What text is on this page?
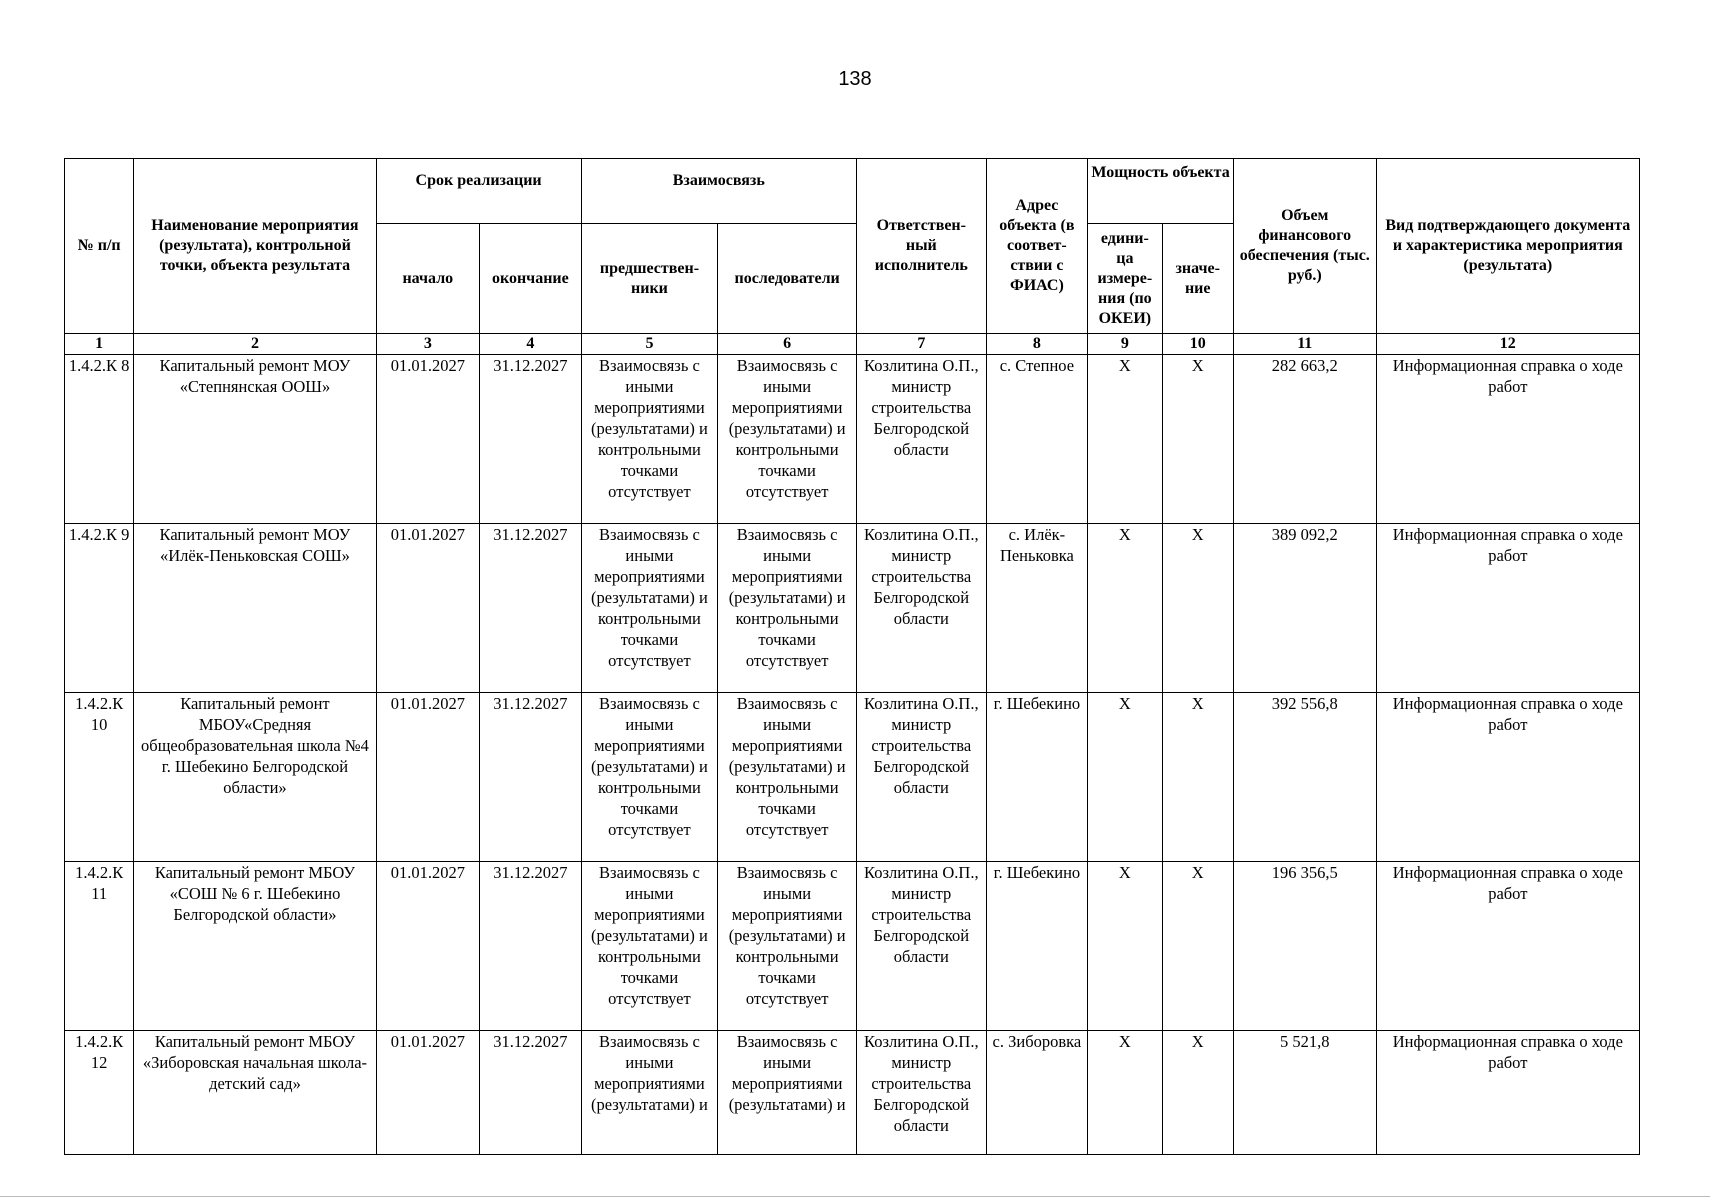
138
№ п/п	Наименование мероприятия (результата), контрольной точки, объекта результата	Срок реализации		Взаимосвязь		Ответствен- ный исполнитель	Адрес объекта (в соответ- ствии с ФИАС)	Мощность объекта		Объем финансового обеспечения (тыс. руб.)	Вид подтверждающего документа и характеристика мероприятия (результата)
		начало	окончание	предшествен- ники	последователи			едини- ца измере- ния (по ОКЕИ)	значе- ние		
1	2	3	4	5	6	7	8	9	10	11	12
1.4.2.К 8	Капитальный ремонт МОУ «Степнянская ООШ»	01.01.2027	31.12.2027	Взаимосвязь с иными мероприятиями (результатами) и контрольными точками отсутствует	Взаимосвязь с иными мероприятиями (результатами) и контрольными точками отсутствует	Козлитина О.П., министр строительства Белгородской области	с. Степное	X	X	282 663,2	Информационная справка о ходе работ
1.4.2.К 9	Капитальный ремонт МОУ «Илёк-Пеньковская СОШ»	01.01.2027	31.12.2027	Взаимосвязь с иными мероприятиями (результатами) и контрольными точками отсутствует	Взаимосвязь с иными мероприятиями (результатами) и контрольными точками отсутствует	Козлитина О.П., министр строительства Белгородской области	с. Илёк-Пеньковка	X	X	389 092,2	Информационная справка о ходе работ
1.4.2.К 10	Капитальный ремонт МБОУ«Средняя общеобразовательная школа №4 г. Шебекино Белгородской области»	01.01.2027	31.12.2027	Взаимосвязь с иными мероприятиями (результатами) и контрольными точками отсутствует	Взаимосвязь с иными мероприятиями (результатами) и контрольными точками отсутствует	Козлитина О.П., министр строительства Белгородской области	г. Шебекино	X	X	392 556,8	Информационная справка о ходе работ
1.4.2.К 11	Капитальный ремонт МБОУ «СОШ № 6 г. Шебекино Белгородской области»	01.01.2027	31.12.2027	Взаимосвязь с иными мероприятиями (результатами) и контрольными точками отсутствует	Взаимосвязь с иными мероприятиями (результатами) и контрольными точками отсутствует	Козлитина О.П., министр строительства Белгородской области	г. Шебекино	X	X	196 356,5	Информационная справка о ходе работ
1.4.2.К 12	Капитальный ремонт МБОУ «Зиборовская начальная школа-детский сад»	01.01.2027	31.12.2027	Взаимосвязь с иными мероприятиями (результатами) и	Взаимосвязь с иными мероприятиями (результатами) и	Козлитина О.П., министр строительства Белгородской области	с. Зиборовка	X	X	5 521,8	Информационная справка о ходе работ
